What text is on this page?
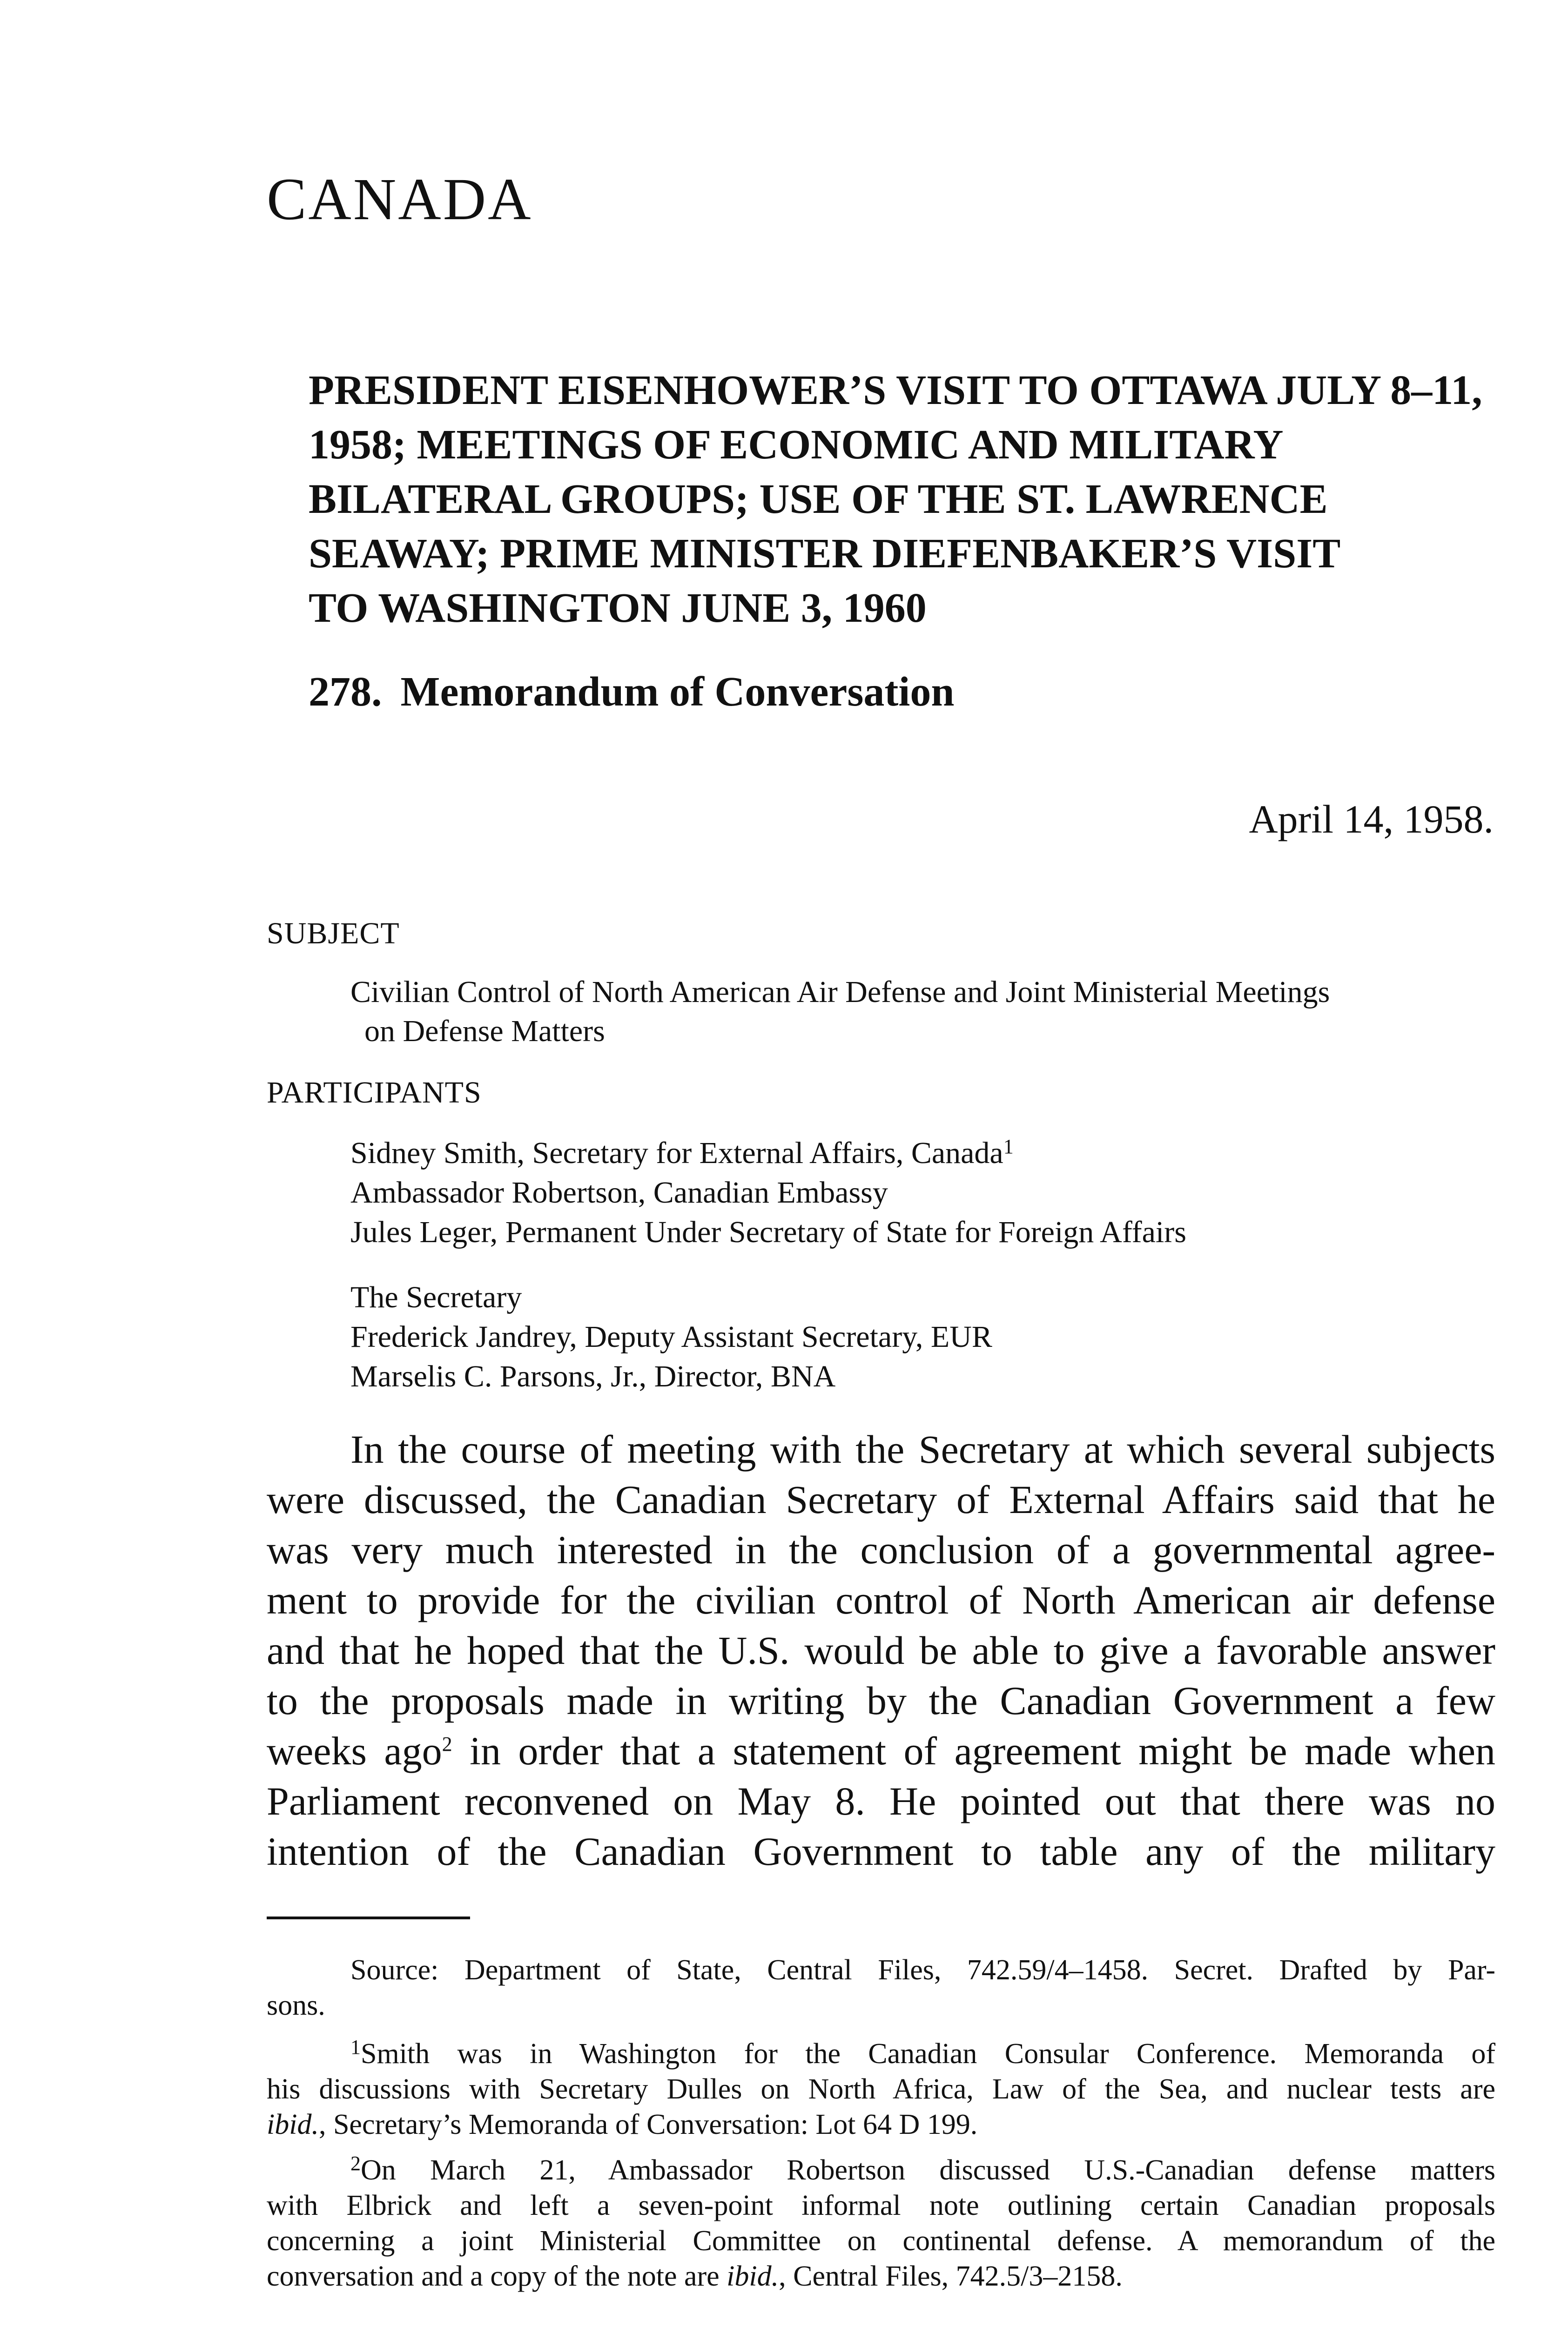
CANADA
PRESIDENT EISENHOWER’S VISIT TO OTTAWA JULY 8–11,
1958; MEETINGS OF ECONOMIC AND MILITARY
BILATERAL GROUPS; USE OF THE ST. LAWRENCE
SEAWAY; PRIME MINISTER DIEFENBAKER’S VISIT
TO WASHINGTON JUNE 3, 1960
278. Memorandum of Conversation
April 14, 1958.
SUBJECT
Civilian Control of North American Air Defense and Joint Ministerial Meetings
on Defense Matters
PARTICIPANTS
Sidney Smith, Secretary for External Affairs, Canada$^1$
Ambassador Robertson, Canadian Embassy
Jules Leger, Permanent Under Secretary of State for Foreign Affairs
The Secretary
Frederick Jandrey, Deputy Assistant Secretary, EUR
Marselis C. Parsons, Jr., Director, BNA
In the course of meeting with the Secretary at which several subjects
were discussed, the Canadian Secretary of External Affairs said that he
was very much interested in the conclusion of a governmental agree-
ment to provide for the civilian control of North American air defense
and that he hoped that the U.S. would be able to give a favorable answer
to the proposals made in writing by the Canadian Government a few
weeks ago$^2$ in order that a statement of agreement might be made when
Parliament reconvened on May 8. He pointed out that there was no
intention of the Canadian Government to table any of the military
Source: Department of State, Central Files, 742.59/4–1458. Secret. Drafted by Par-
sons.
$^1$Smith was in Washington for the Canadian Consular Conference. Memoranda of
his discussions with Secretary Dulles on North Africa, Law of the Sea, and nuclear tests are
ibid., Secretary’s Memoranda of Conversation: Lot 64 D 199.
$^2$On March 21, Ambassador Robertson discussed U.S.-Canadian defense matters
with Elbrick and left a seven-point informal note outlining certain Canadian proposals
concerning a joint Ministerial Committee on continental defense. A memorandum of the
conversation and a copy of the note are ibid., Central Files, 742.5/3–2158.
